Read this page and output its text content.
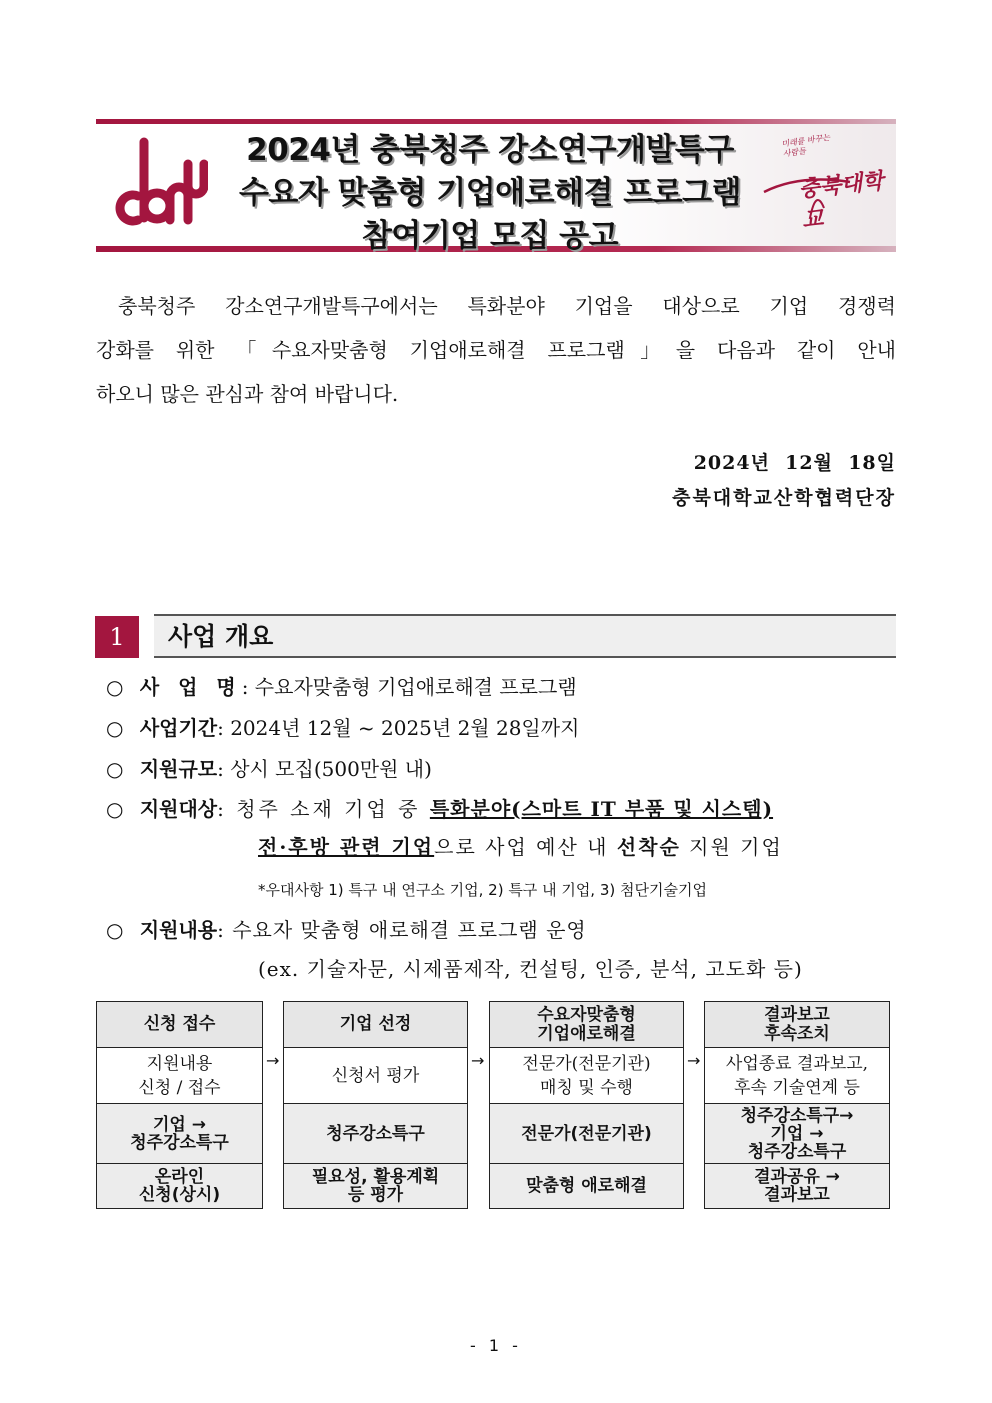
2024년 충북청주 강소연구개발특구
수요자 맞춤형 기업애로해결 프로그램
참여기업 모집 공고
미래를 바꾸는 사람들
충북대학교

충북청주 강소연구개발특구에서는 특화분야 기업을 대상으로 기업 경쟁력

강화를 위한 「수요자맞춤형 기업애로해결 프로그램」을 다음과 같이 안내

하오니 많은 관심과 참여 바랍니다.

2024년  12월  18일
충북대학교산학협력단장
1	사업 개요
○ 사 업 명: 수요자맞춤형 기업애로해결 프로그램
○ 사업기간: 2024년 12월 ~ 2025년 2월 28일까지
○ 지원규모: 상시 모집(500만원 내)
○ 지원대상: 청주 소재 기업 중 특화분야(스마트 IT 부품 및 시스템)
전·후방 관련 기업으로 사업 예산 내 선착순 지원 기업
*우대사항 1) 특구 내 연구소 기업, 2) 특구 내 기업, 3) 첨단기술기업
○ 지원내용: 수요자 맞춤형 애로해결 프로그램 운영
(ex. 기술자문, 시제품제작, 컨설팅, 인증, 분석, 고도화 등)
신청 접수
지원내용
신청 / 접수
기업 →
청주강소특구
온라인
신청(상시)
→
기업 선정
신청서 평가
청주강소특구
필요성, 활용계획
등 평가
→
수요자맞춤형
기업애로해결
전문가(전문기관)
매칭 및 수행
전문가(전문기관)
맞춤형 애로해결
→
결과보고
후속조치
사업종료 결과보고,
후속 기술연계 등
청주강소특구→
기업 →
청주강소특구
결과공유 →
결과보고
- 1 -
